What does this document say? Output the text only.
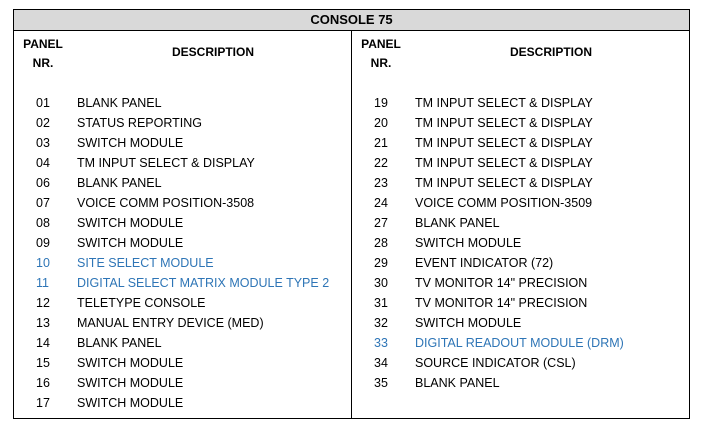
CONSOLE 75
PANEL
NR.
DESCRIPTION
01 BLANK PANEL
02 STATUS REPORTING
03 SWITCH MODULE
04 TM INPUT SELECT & DISPLAY
06 BLANK PANEL
07 VOICE COMM POSITION-3508
08 SWITCH MODULE
09 SWITCH MODULE
10 SITE SELECT MODULE
11 DIGITAL SELECT MATRIX MODULE TYPE 2
12 TELETYPE CONSOLE
13 MANUAL ENTRY DEVICE (MED)
14 BLANK PANEL
15 SWITCH MODULE
16 SWITCH MODULE
17 SWITCH MODULE
PANEL
NR.
DESCRIPTION
19 TM INPUT SELECT & DISPLAY
20 TM INPUT SELECT & DISPLAY
21 TM INPUT SELECT & DISPLAY
22 TM INPUT SELECT & DISPLAY
23 TM INPUT SELECT & DISPLAY
24 VOICE COMM POSITION-3509
27 BLANK PANEL
28 SWITCH MODULE
29 EVENT INDICATOR (72)
30 TV MONITOR 14" PRECISION
31 TV MONITOR 14" PRECISION
32 SWITCH MODULE
33 DIGITAL READOUT MODULE (DRM)
34 SOURCE INDICATOR (CSL)
35 BLANK PANEL
